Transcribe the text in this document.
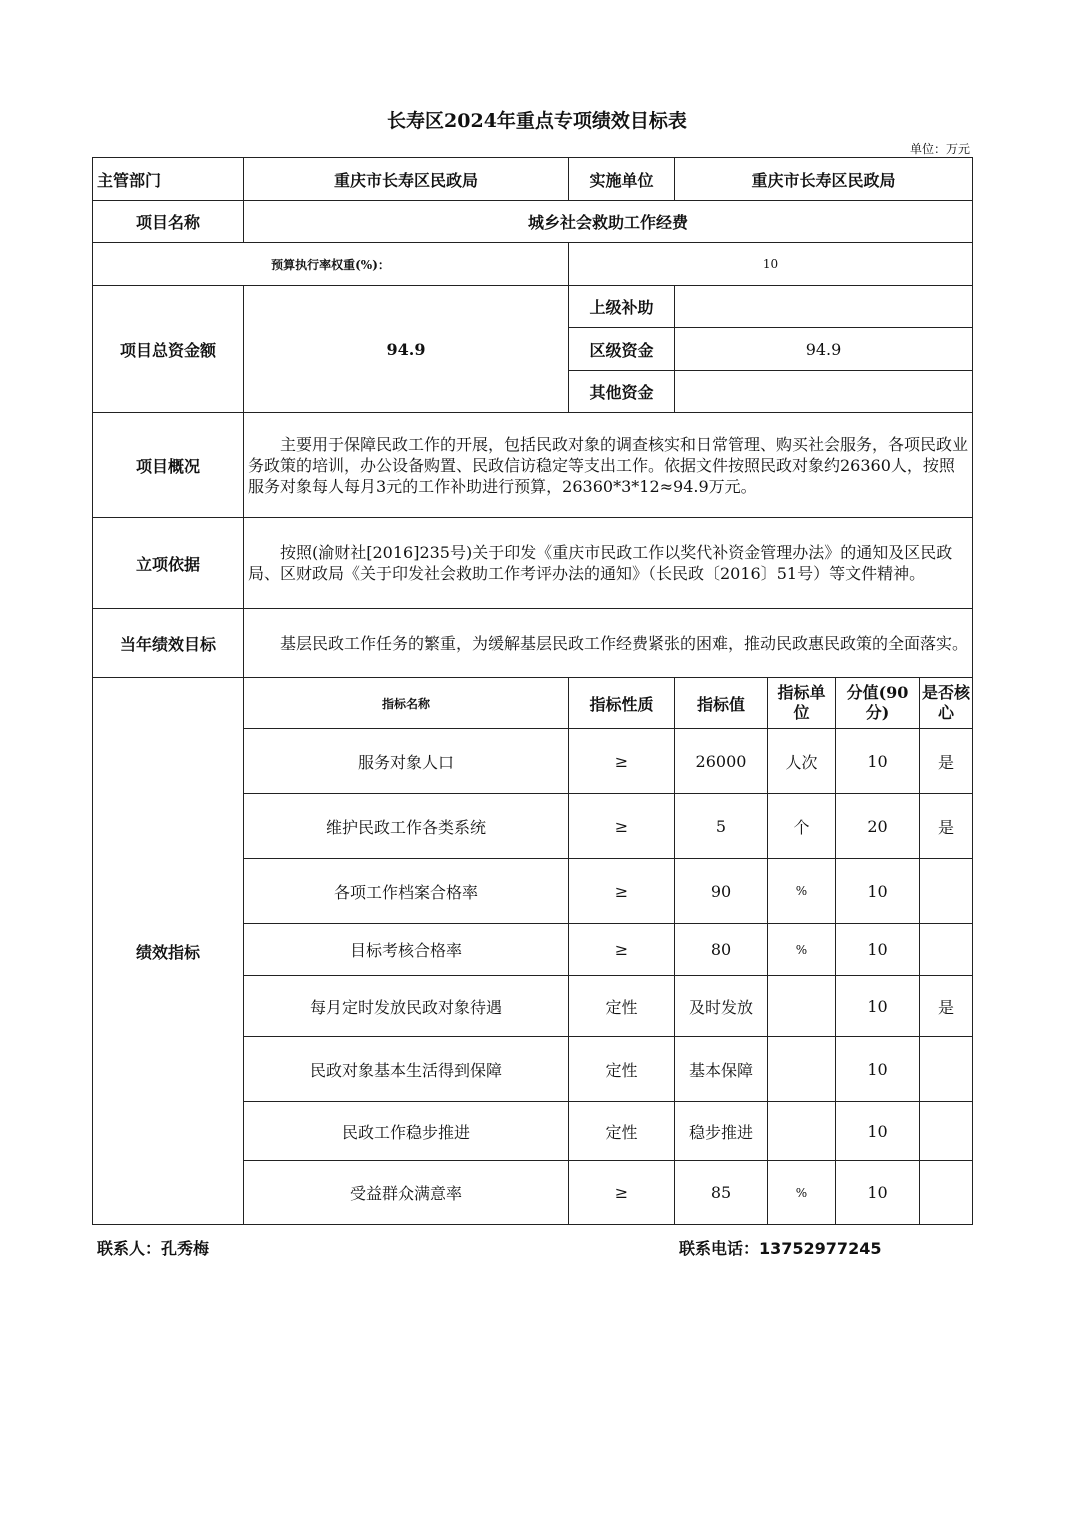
长寿区2024年重点专项绩效目标表
单位：万元
主管部门	重庆市长寿区民政局	实施单位	重庆市长寿区民政局			
项目名称	城乡社会救助工作经费					
预算执行率权重(%)：		10				
项目总资金额	94.9	上级补助				
		区级资金	94.9			
		其他资金				
项目概况	主要用于保障民政工作的开展，包括民政对象的调查核实和日常管理、购买社会服务，各项民政业务政策的培训，办公设备购置、民政信访稳定等支出工作。依据文件按照民政对象约26360人，按照服务对象每人每月3元的工作补助进行预算，26360*3*12≈94.9万元。					
立项依据	按照(渝财社[2016]235号)关于印发《重庆市民政工作以奖代补资金管理办法》的通知及区民政局、区财政局《关于印发社会救助工作考评办法的通知》（长民政〔2016〕51号）等文件精神。					
当年绩效目标	基层民政工作任务的繁重，为缓解基层民政工作经费紧张的困难，推动民政惠民政策的全面落实。					
绩效指标	指标名称	指标性质	指标值	指标单位	分值(90分)	是否核心
	服务对象人口	≥	26000	人次	10	是
	维护民政工作各类系统	≥	5	个	20	是
	各项工作档案合格率	≥	90	%	10	
	目标考核合格率	≥	80	%	10	
	每月定时发放民政对象待遇	定性	及时发放		10	是
	民政对象基本生活得到保障	定性	基本保障		10	
	民政工作稳步推进	定性	稳步推进		10	
	受益群众满意率	≥	85	%	10	
联系人：孔秀梅	联系电话：13752977245
